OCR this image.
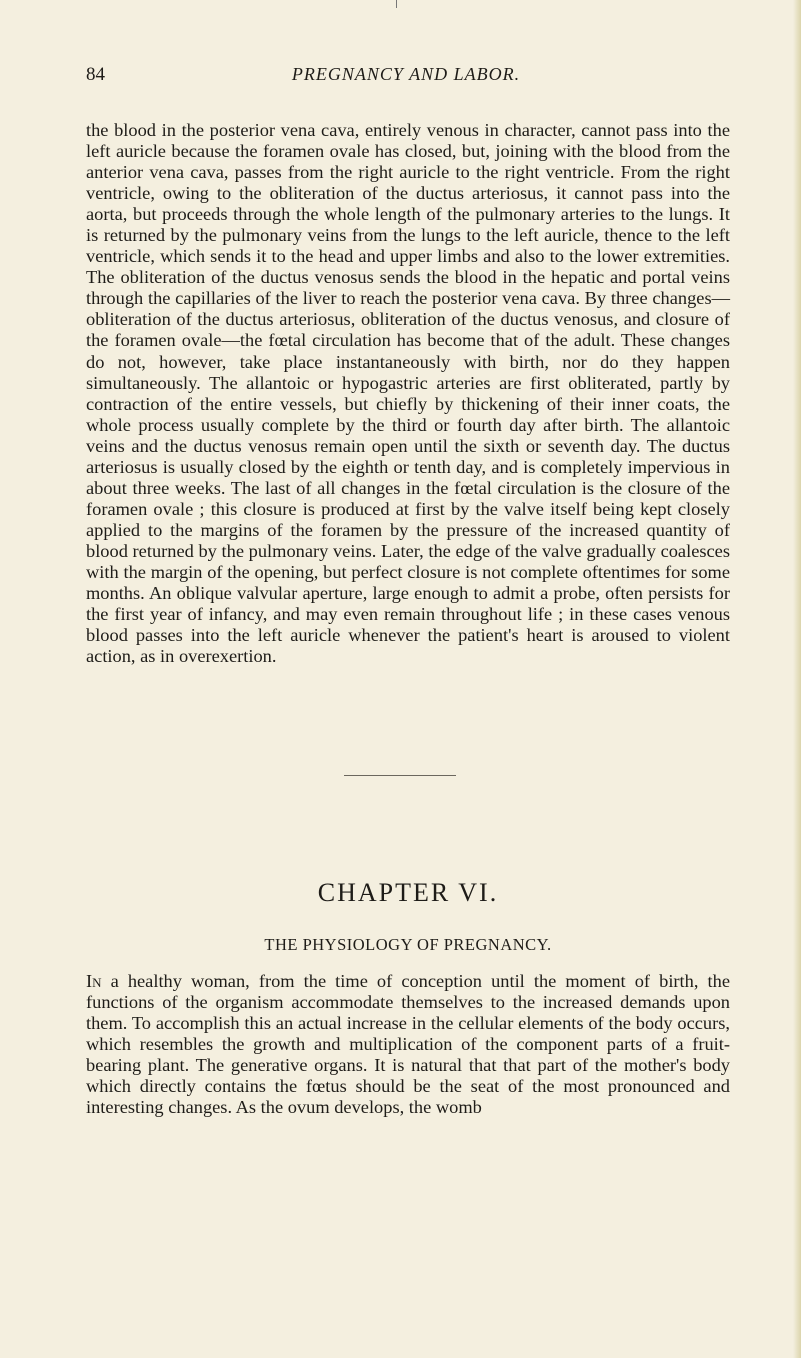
84	PREGNANCY AND LABOR.

the blood in the posterior vena cava, entirely venous in character, cannot pass into the left auricle because the foramen ovale has closed, but, joining with the blood from the anterior vena cava, passes from the right auricle to the right ventricle. From the right ventricle, owing to the obliteration of the ductus arteriosus, it cannot pass into the aorta, but proceeds through the whole length of the pulmonary arteries to the lungs. It is returned by the pulmonary veins from the lungs to the left auricle, thence to the left ventricle, which sends it to the head and upper limbs and also to the lower extremities. The obliteration of the ductus venosus sends the blood in the hepatic and portal veins through the capillaries of the liver to reach the posterior vena cava. By three changes—obliteration of the ductus arteriosus, obliteration of the ductus venosus, and closure of the foramen ovale—the fœtal circulation has become that of the adult. These changes do not, however, take place instantaneously with birth, nor do they happen simultaneously. The allantoic or hypogastric arteries are first obliterated, partly by contraction of the entire vessels, but chiefly by thickening of their inner coats, the whole process usually complete by the third or fourth day after birth. The allantoic veins and the ductus venosus remain open until the sixth or seventh day. The ductus arteriosus is usually closed by the eighth or tenth day, and is completely impervious in about three weeks. The last of all changes in the fœtal circulation is the closure of the foramen ovale ; this closure is produced at first by the valve itself being kept closely applied to the margins of the foramen by the pressure of the increased quantity of blood returned by the pulmonary veins. Later, the edge of the valve gradually coalesces with the margin of the opening, but perfect closure is not complete oftentimes for some months. An oblique valvular aperture, large enough to admit a probe, often persists for the first year of infancy, and may even remain throughout life ; in these cases venous blood passes into the left auricle whenever the patient's heart is aroused to violent action, as in overexertion.

CHAPTER VI.
THE PHYSIOLOGY OF PREGNANCY.

In a healthy woman, from the time of conception until the moment of birth, the functions of the organism accommodate themselves to the increased demands upon them. To accomplish this an actual increase in the cellular elements of the body occurs, which resembles the growth and multiplication of the component parts of a fruit-bearing plant. The generative organs. It is natural that that part of the mother's body which directly contains the fœtus should be the seat of the most pronounced and interesting changes. As the ovum develops, the womb
